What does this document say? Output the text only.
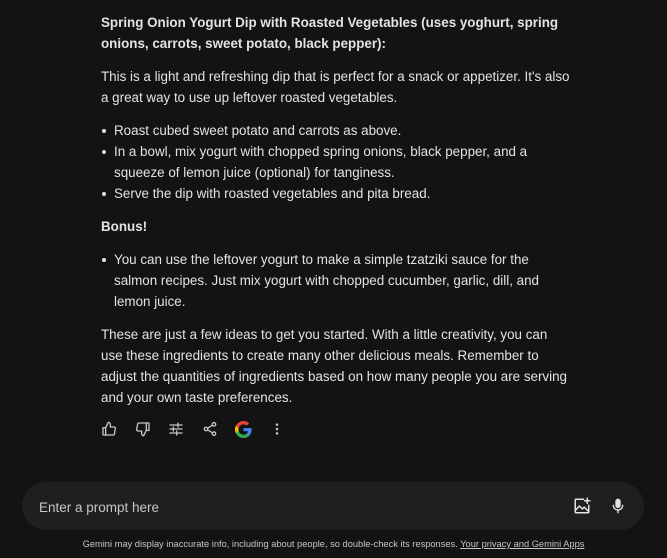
Spring Onion Yogurt Dip with Roasted Vegetables (uses yoghurt, spring onions, carrots, sweet potato, black pepper):

This is a light and refreshing dip that is perfect for a snack or appetizer. It's also a great way to use up leftover roasted vegetables.

Roast cubed sweet potato and carrots as above.
In a bowl, mix yogurt with chopped spring onions, black pepper, and a squeeze of lemon juice (optional) for tanginess.
Serve the dip with roasted vegetables and pita bread.

Bonus!

You can use the leftover yogurt to make a simple tzatziki sauce for the salmon recipes. Just mix yogurt with chopped cucumber, garlic, dill, and lemon juice.

These are just a few ideas to get you started. With a little creativity, you can use these ingredients to create many other delicious meals. Remember to adjust the quantities of ingredients based on how many people you are serving and your own taste preferences.

Enter a prompt here
Gemini may display inaccurate info, including about people, so double-check its responses. Your privacy and Gemini Apps
